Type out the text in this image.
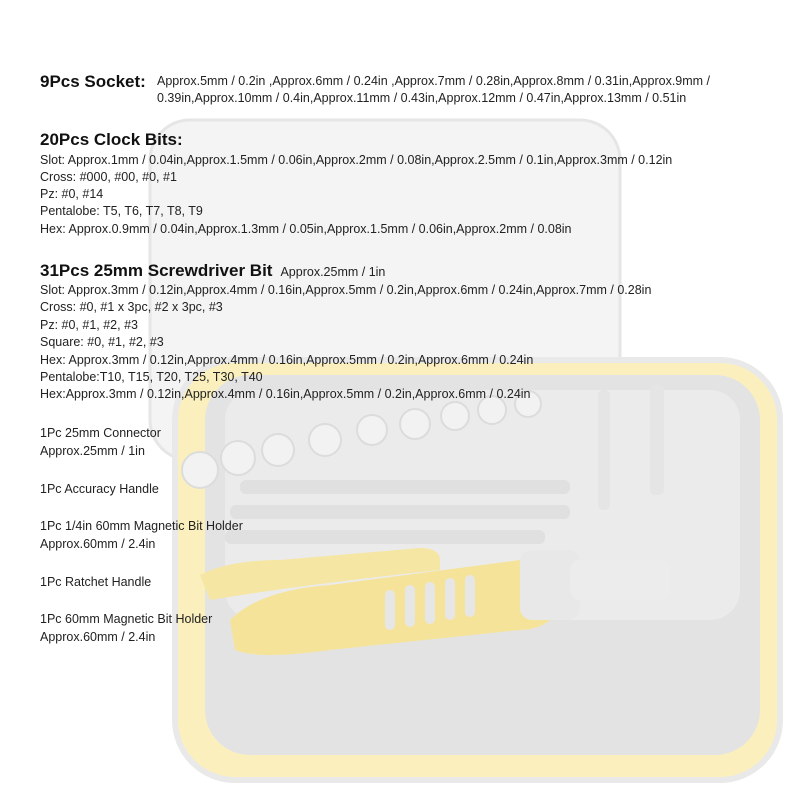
9Pcs Socket: Approx.5mm / 0.2in ,Approx.6mm / 0.24in ,Approx.7mm / 0.28in,Approx.8mm / 0.31in,Approx.9mm /
0.39in,Approx.10mm / 0.4in,Approx.11mm / 0.43in,Approx.12mm / 0.47in,Approx.13mm / 0.51in
20Pcs Clock Bits:
Slot: Approx.1mm / 0.04in,Approx.1.5mm / 0.06in,Approx.2mm / 0.08in,Approx.2.5mm / 0.1in,Approx.3mm / 0.12in
Cross: #000, #00, #0, #1
Pz: #0, #14
Pentalobe: T5, T6, T7, T8, T9
Hex: Approx.0.9mm / 0.04in,Approx.1.3mm / 0.05in,Approx.1.5mm / 0.06in,Approx.2mm / 0.08in
31Pcs 25mm Screwdriver Bit Approx.25mm / 1in
Slot: Approx.3mm / 0.12in,Approx.4mm / 0.16in,Approx.5mm / 0.2in,Approx.6mm / 0.24in,Approx.7mm / 0.28in
Cross: #0, #1 x 3pc, #2 x 3pc, #3
Pz: #0, #1, #2, #3
Square: #0, #1, #2, #3
Hex: Approx.3mm / 0.12in,Approx.4mm / 0.16in,Approx.5mm / 0.2in,Approx.6mm / 0.24in
Pentalobe:T10, T15, T20, T25, T30, T40
Hex:Approx.3mm / 0.12in,Approx.4mm / 0.16in,Approx.5mm / 0.2in,Approx.6mm / 0.24in
1Pc 25mm Connector
Approx.25mm / 1in
1Pc Accuracy Handle
1Pc 1/4in 60mm Magnetic Bit Holder
Approx.60mm / 2.4in
1Pc Ratchet Handle
1Pc 60mm Magnetic Bit Holder
Approx.60mm / 2.4in
